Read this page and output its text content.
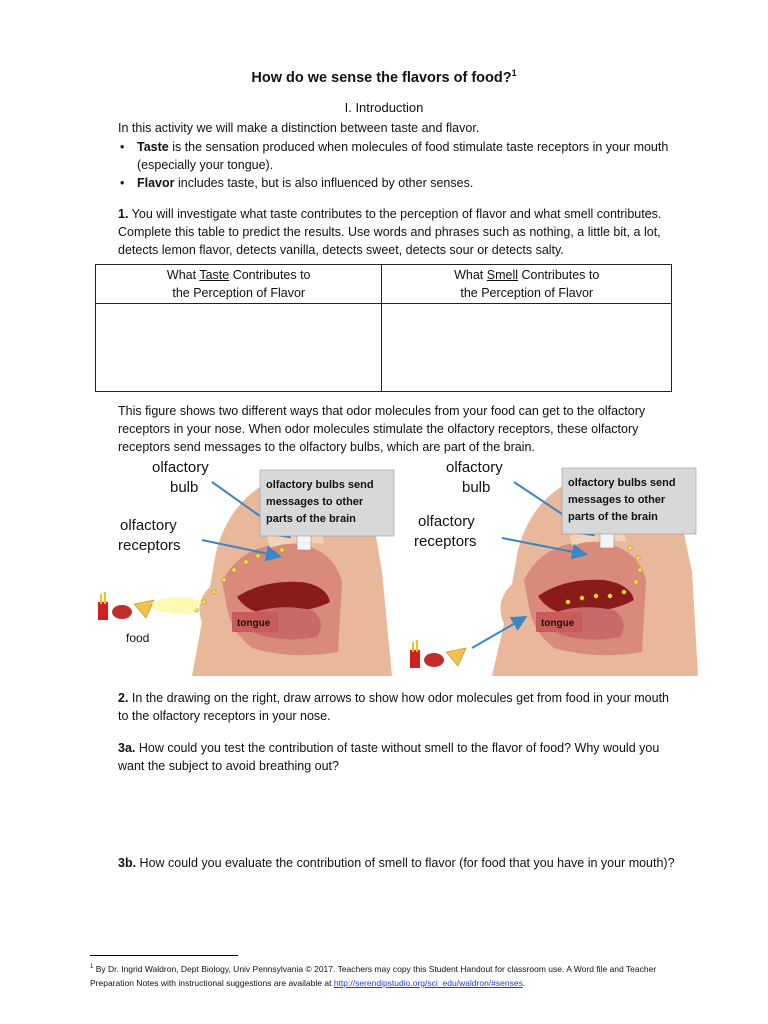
How do we sense the flavors of food?$^1$
I. Introduction
In this activity we will make a distinction between taste and flavor.
• Taste is the sensation produced when molecules of food stimulate taste receptors in your mouth (especially your tongue).
• Flavor includes taste, but is also influenced by other senses.
1. You will investigate what taste contributes to the perception of flavor and what smell contributes. Complete this table to predict the results. Use words and phrases such as nothing, a little bit, a lot, detects lemon flavor, detects vanilla, detects sweet, detects sour or detects salty.
What Taste Contributes to
the Perception of Flavor	What Smell Contributes to
the Perception of Flavor

This figure shows two different ways that odor molecules from your food can get to the olfactory receptors in your nose. When odor molecules stimulate the olfactory receptors, these olfactory receptors send messages to the olfactory bulbs, which are part of the brain.
food
tongue
olfactory
bulb
olfactory
receptors
olfactory bulbs send
messages to other
parts of the brain
tongue
olfactory
bulb
olfactory
receptors
olfactory bulbs send
messages to other
parts of the brain
2. In the drawing on the right, draw arrows to show how odor molecules get from food in your mouth to the olfactory receptors in your nose.
3a. How could you test the contribution of taste without smell to the flavor of food? Why would you want the subject to avoid breathing out?
3b. How could you evaluate the contribution of smell to flavor (for food that you have in your mouth)?
$^1$ By Dr. Ingrid Waldron, Dept Biology, Univ Pennsylvania © 2017. Teachers may copy this Student Handout for classroom use. A Word file and Teacher Preparation Notes with instructional suggestions are available at http://serendipstudio.org/sci_edu/waldron/#senses.
